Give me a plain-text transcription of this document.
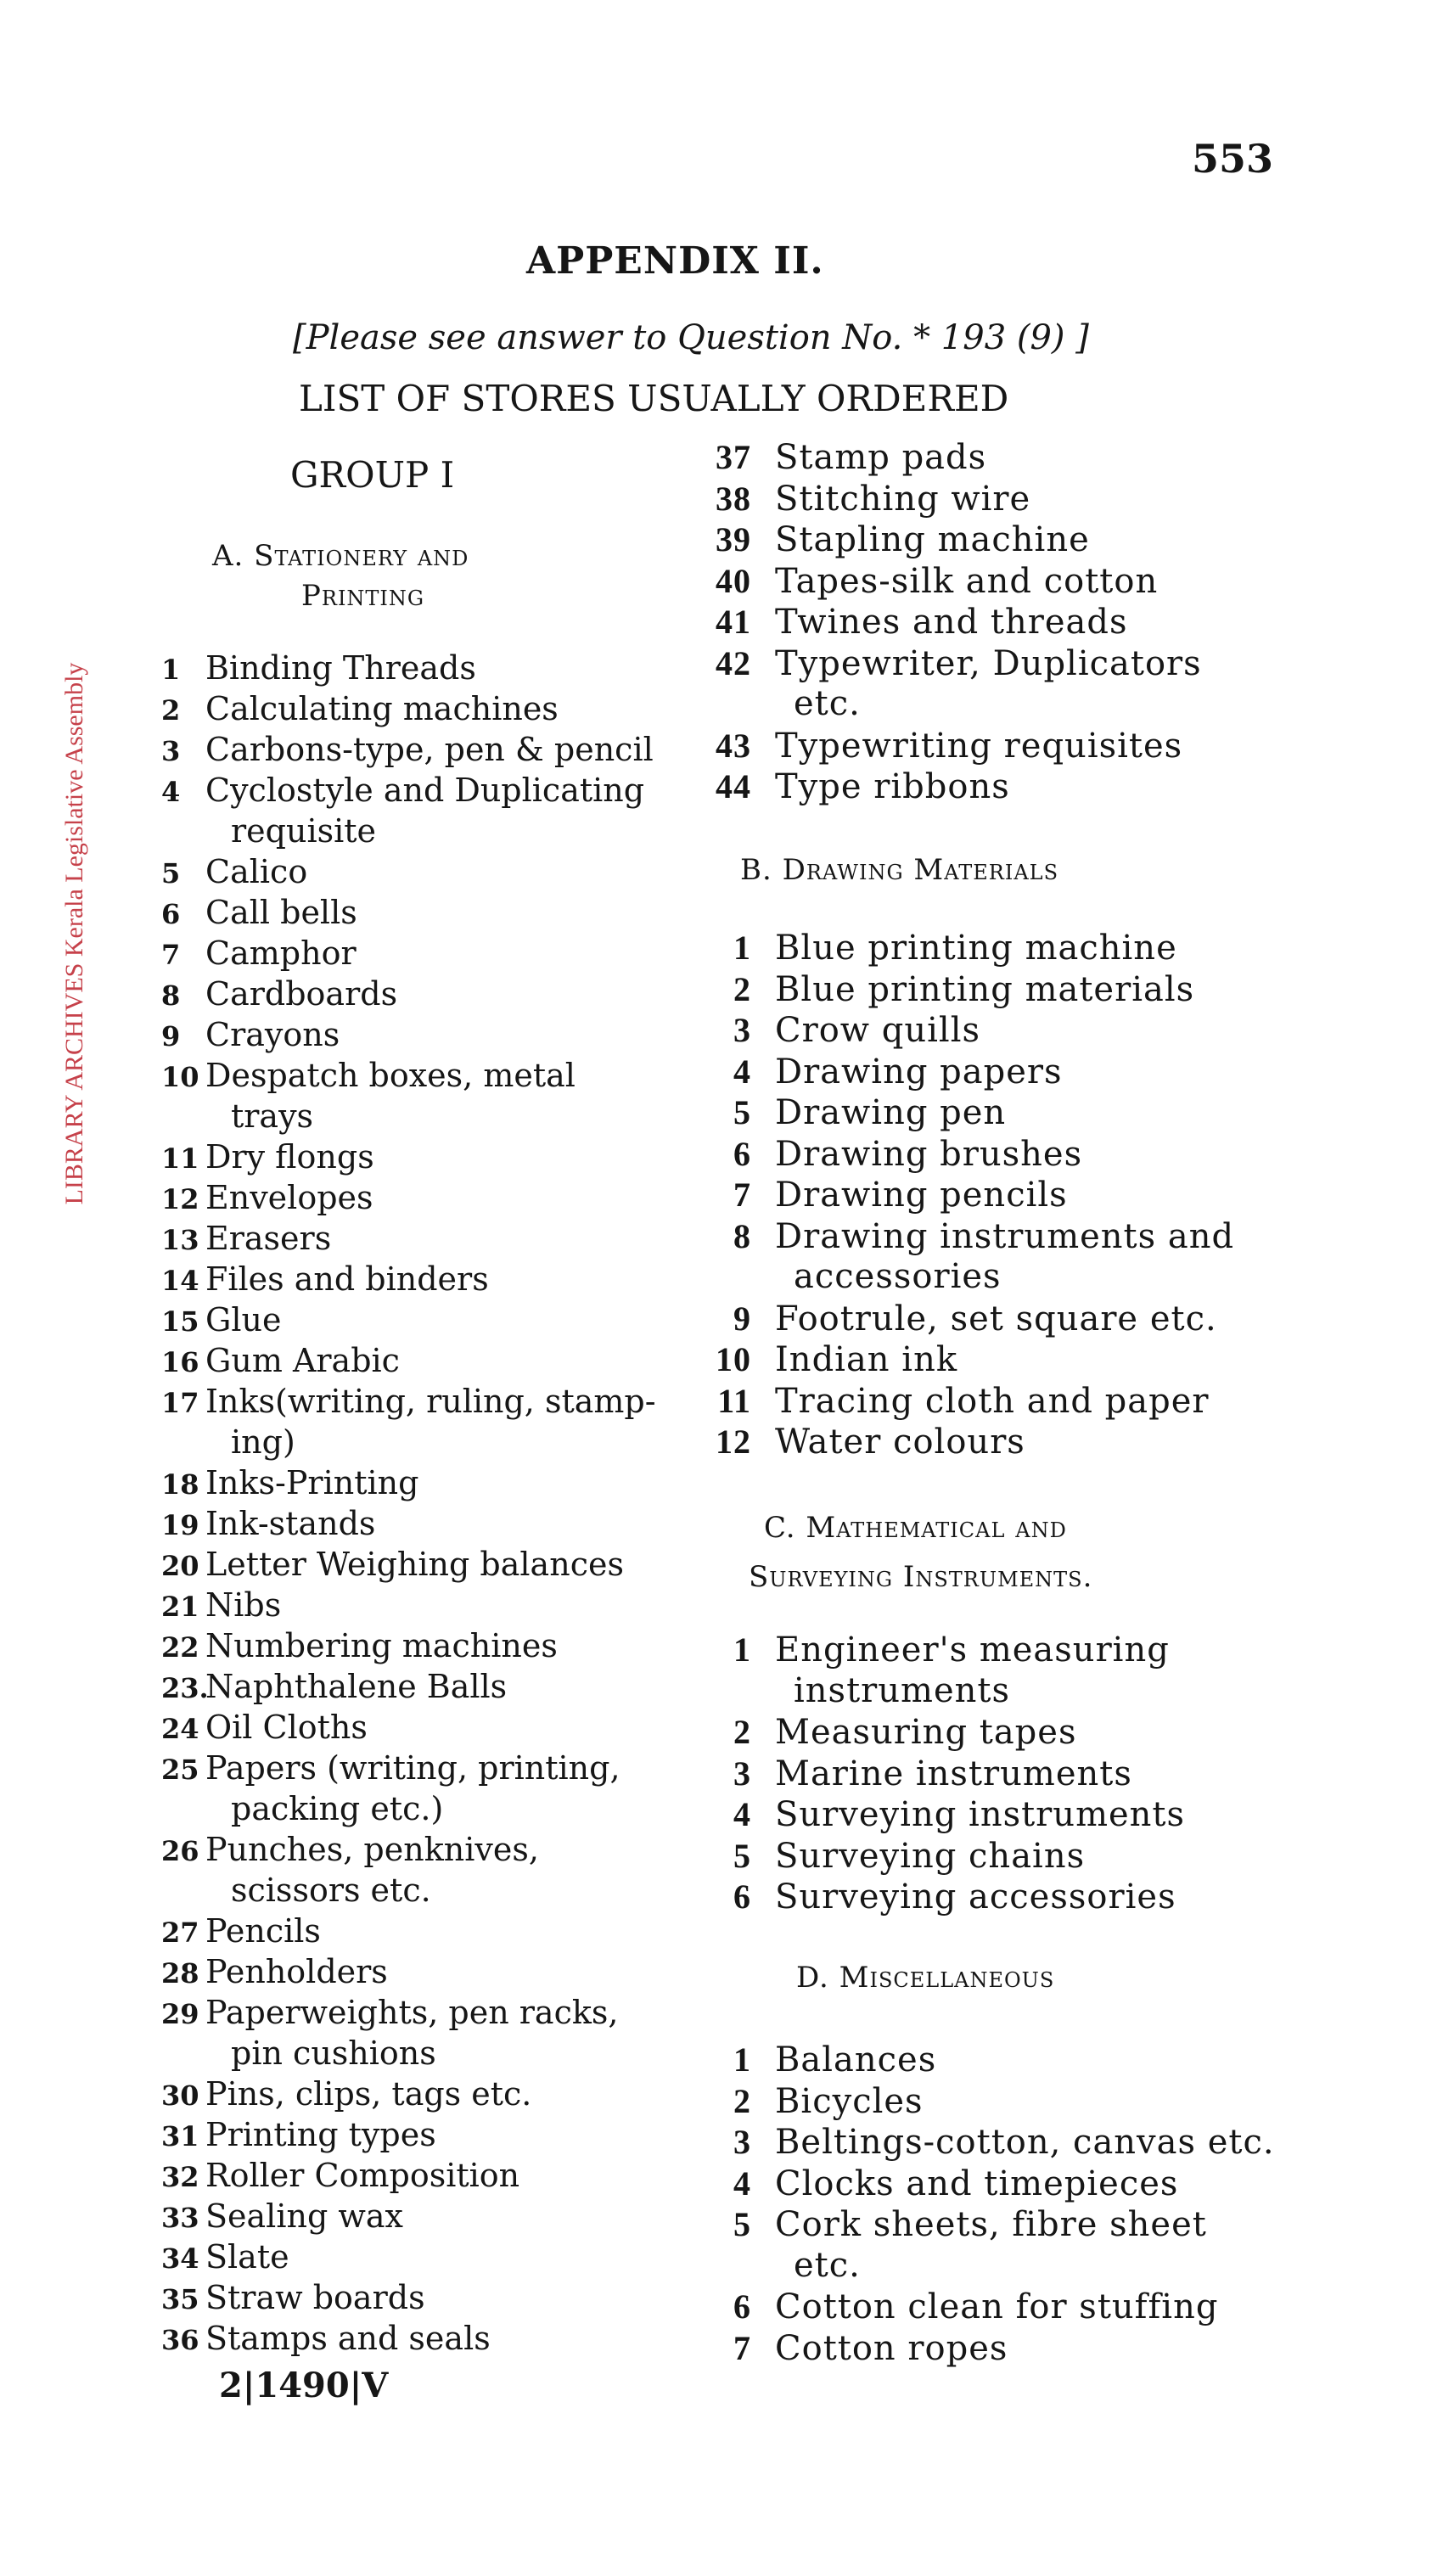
553
LIBRARY ARCHIVES Kerala Legislative Assembly
APPENDIX II.
[Please see answer to Question No. * 193 (9) ]
LIST OF STORES USUALLY ORDERED
GROUP I
A. Stationery and
Printing
1 Binding Threads
2 Calculating machines
3 Carbons-type, pen & pencil
4 Cyclostyle and Duplicating
requisite
5 Calico
6 Call bells
7 Camphor
8 Cardboards
9 Crayons
10 Despatch boxes, metal
trays
11 Dry flongs
12 Envelopes
13 Erasers
14 Files and binders
15 Glue
16 Gum Arabic
17 Inks(writing, ruling, stamp-
ing)
18 Inks-Printing
19 Ink-stands
20 Letter Weighing balances
21 Nibs
22 Numbering machines
23.
Naphthalene Balls
24 Oil Cloths
25 Papers (writing, printing,
packing etc.)
26 Punches, penknives,
scissors etc.
27 Pencils
28 Penholders
29 Paperweights, pen racks,
pin cushions
30 Pins, clips, tags etc.
31 Printing types
32 Roller Composition
33 Sealing wax
34 Slate
35 Straw boards
36 Stamps and seals
37 Stamp pads
38 Stitching wire
39 Stapling machine
40 Tapes-silk and cotton
41 Twines and threads
42 Typewriter, Duplicators
etc.
43 Typewriting requisites
44 Type ribbons
B. Drawing Materials
1 Blue printing machine
2 Blue printing materials
3 Crow quills
4 Drawing papers
5 Drawing pen
6 Drawing brushes
7 Drawing pencils
8 Drawing instruments and
accessories
9 Footrule, set square etc.
10 Indian ink
11 Tracing cloth and paper
12 Water colours
C. Mathematical and
Surveying Instruments.
1 Engineer's measuring
instruments
2 Measuring tapes
3 Marine instruments
4 Surveying instruments
5 Surveying chains
6 Surveying accessories
D. Miscellaneous
1 Balances
2 Bicycles
3 Beltings-cotton, canvas etc.
4 Clocks and timepieces
5 Cork sheets, fibre sheet
etc.
6 Cotton clean for stuffing
7 Cotton ropes
2|1490|V
